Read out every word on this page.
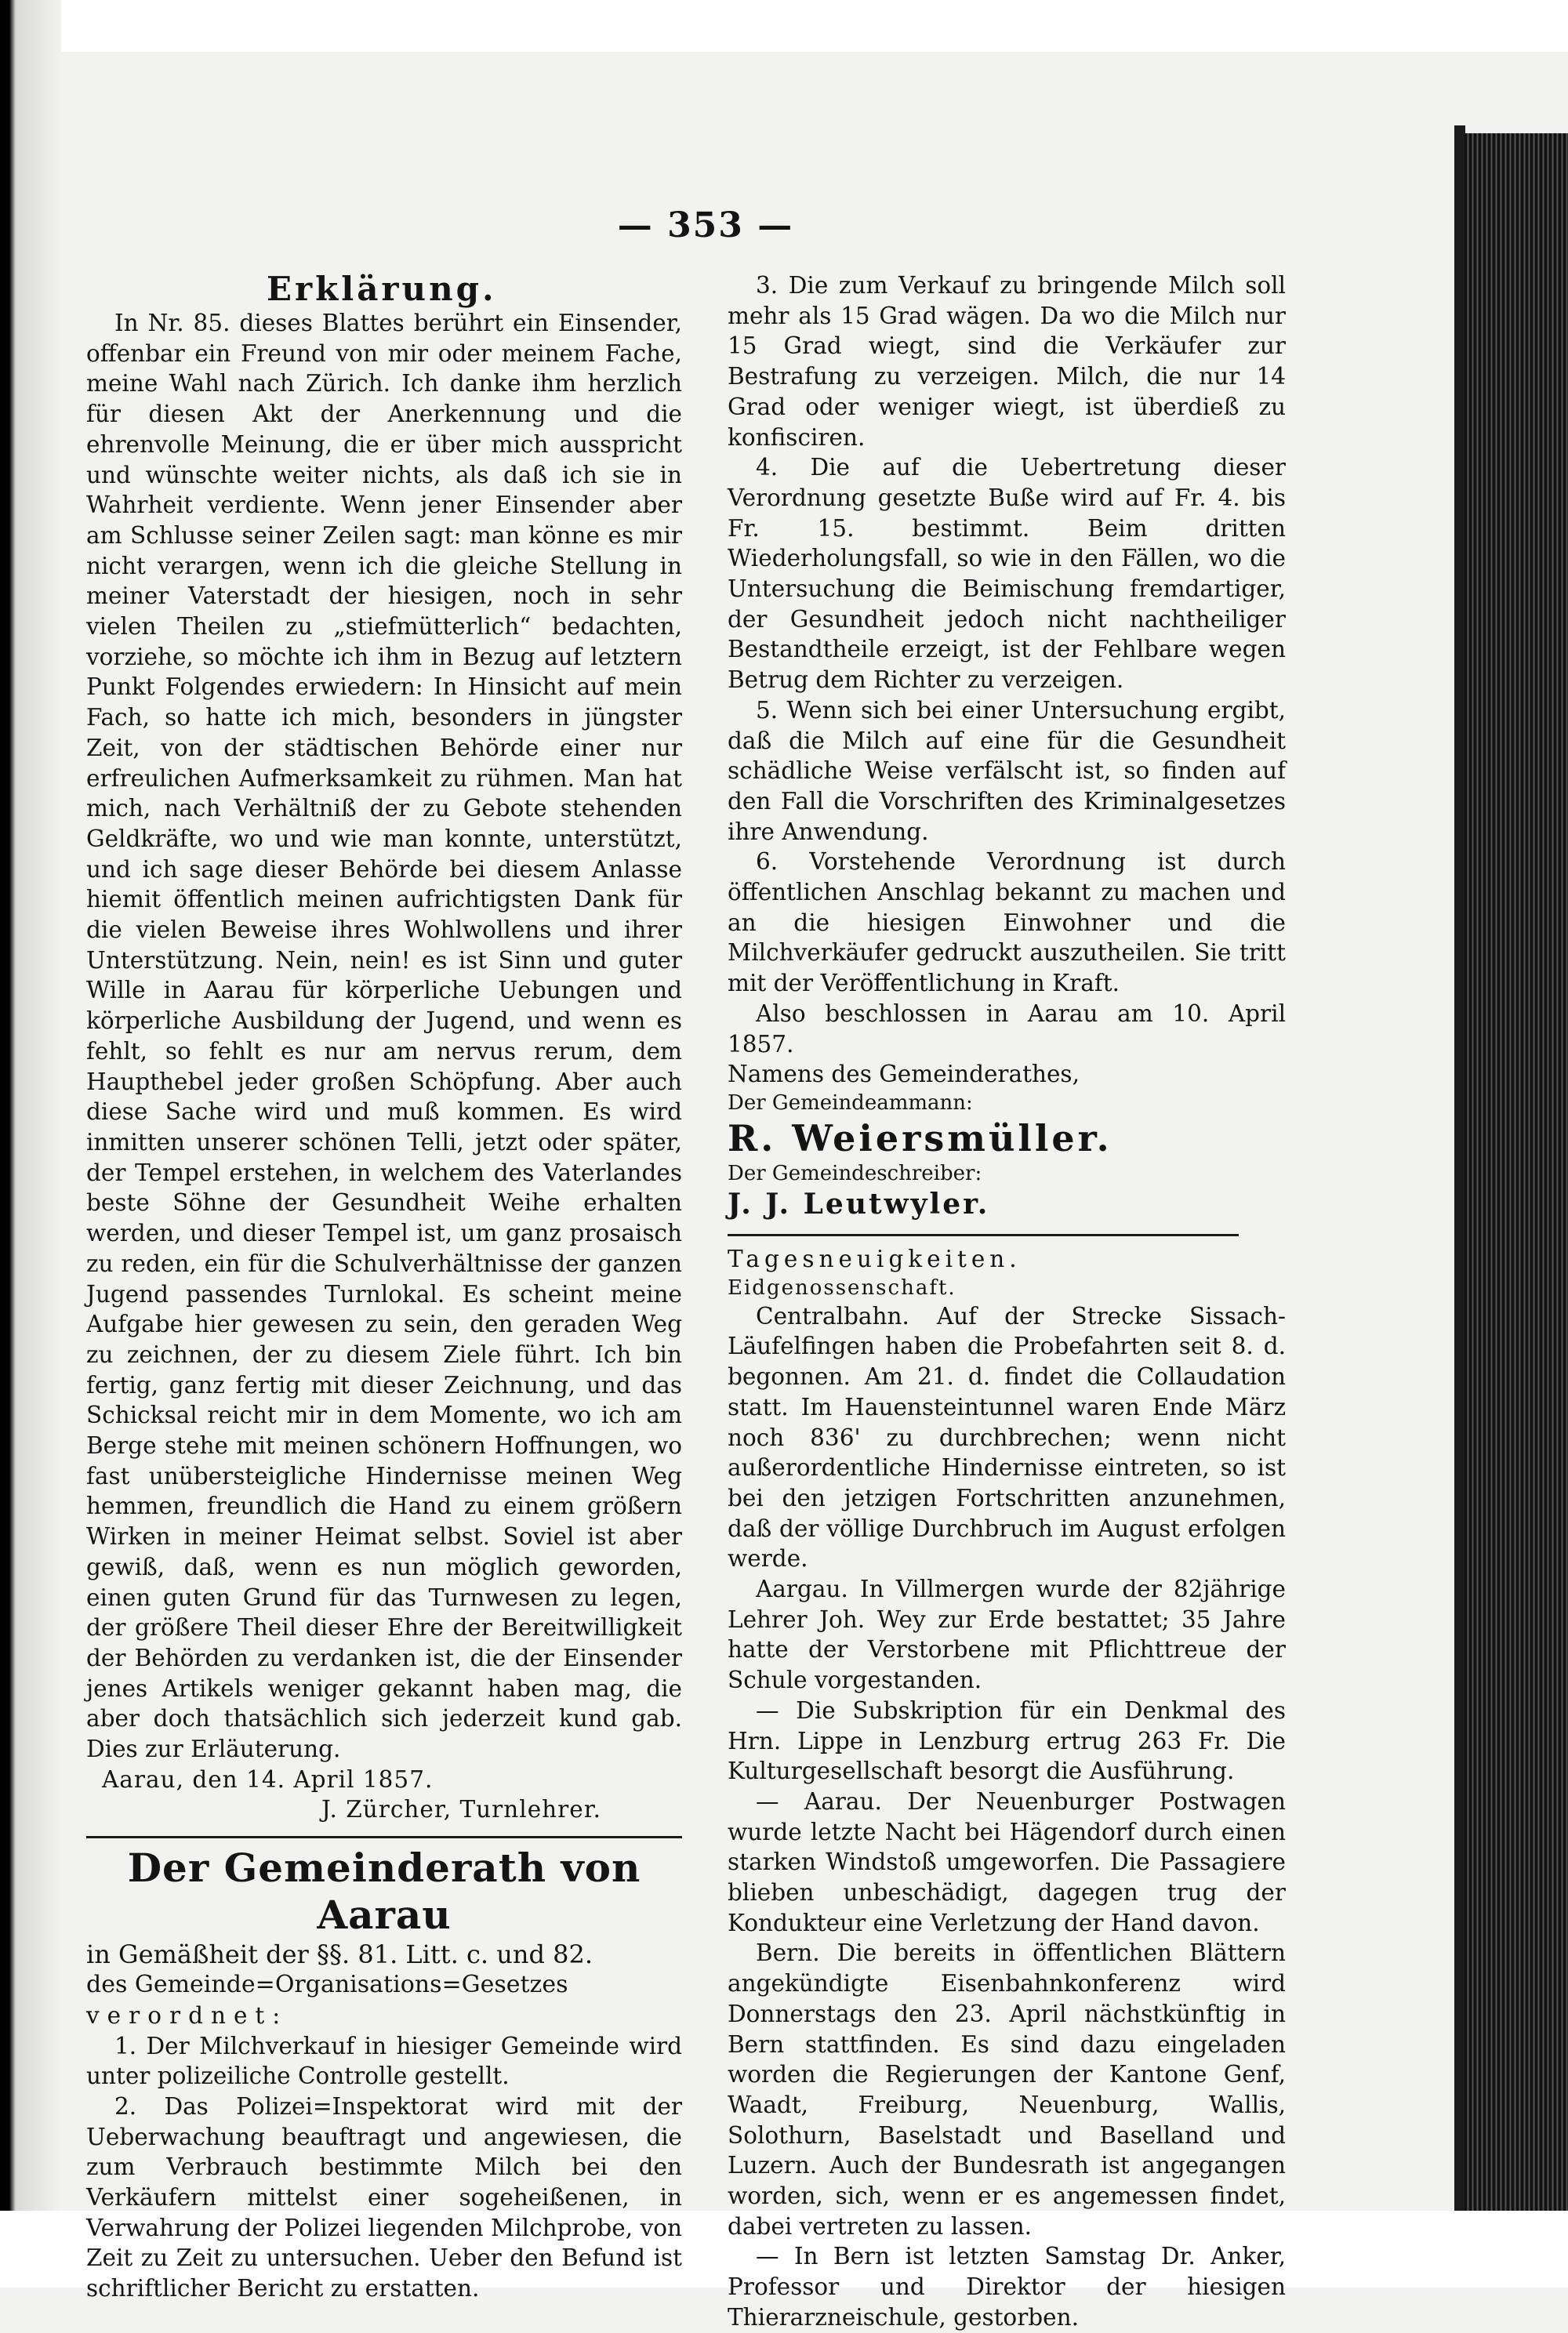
— 353 —
Erklärung.

In Nr. 85. dieses Blattes berührt ein Einsender, offenbar ein Freund von mir oder meinem Fache, meine Wahl nach Zürich. Ich danke ihm herzlich für diesen Akt der Anerkennung und die ehrenvolle Meinung, die er über mich ausspricht und wünschte weiter nichts, als daß ich sie in Wahrheit verdiente. Wenn jener Einsender aber am Schlusse seiner Zeilen sagt: man könne es mir nicht verargen, wenn ich die gleiche Stellung in meiner Vaterstadt der hiesigen, noch in sehr vielen Theilen zu „stiefmütterlich“ bedachten, vorziehe, so möchte ich ihm in Bezug auf letztern Punkt Folgendes erwiedern: In Hinsicht auf mein Fach, so hatte ich mich, besonders in jüngster Zeit, von der städtischen Behörde einer nur erfreulichen Aufmerksamkeit zu rühmen. Man hat mich, nach Verhältniß der zu Gebote stehenden Geldkräfte, wo und wie man konnte, unterstützt, und ich sage dieser Behörde bei diesem Anlasse hiemit öffentlich meinen aufrichtigsten Dank für die vielen Beweise ihres Wohlwollens und ihrer Unterstützung. Nein, nein! es ist Sinn und guter Wille in Aarau für körperliche Uebungen und körperliche Ausbildung der Jugend, und wenn es fehlt, so fehlt es nur am nervus rerum, dem Haupthebel jeder großen Schöpfung. Aber auch diese Sache wird und muß kommen. Es wird inmitten unserer schönen Telli, jetzt oder später, der Tempel erstehen, in welchem des Vaterlandes beste Söhne der Gesundheit Weihe erhalten werden, und dieser Tempel ist, um ganz prosaisch zu reden, ein für die Schulverhältnisse der ganzen Jugend passendes Turnlokal. Es scheint meine Aufgabe hier gewesen zu sein, den geraden Weg zu zeichnen, der zu diesem Ziele führt. Ich bin fertig, ganz fertig mit dieser Zeichnung, und das Schicksal reicht mir in dem Momente, wo ich am Berge stehe mit meinen schönern Hoffnungen, wo fast unübersteigliche Hindernisse meinen Weg hemmen, freundlich die Hand zu einem größern Wirken in meiner Heimat selbst. Soviel ist aber gewiß, daß, wenn es nun möglich geworden, einen guten Grund für das Turnwesen zu legen, der größere Theil dieser Ehre der Bereitwilligkeit der Behörden zu verdanken ist, die der Einsender jenes Artikels weniger gekannt haben mag, die aber doch thatsächlich sich jederzeit kund gab. Dies zur Erläuterung.

Aarau, den 14. April 1857.

J. Zürcher, Turnlehrer.

Der Gemeinderath von Aarau

in Gemäßheit der §§. 81. Litt. c. und 82.

des Gemeinde=Organisations=Gesetzes

verordnet:

1. Der Milchverkauf in hiesiger Gemeinde wird unter polizeiliche Controlle gestellt.

2. Das Polizei=Inspektorat wird mit der Ueberwachung beauftragt und angewiesen, die zum Verbrauch bestimmte Milch bei den Verkäufern mittelst einer sogeheißenen, in Verwahrung der Polizei liegenden Milchprobe, von Zeit zu Zeit zu untersuchen. Ueber den Befund ist schriftlicher Bericht zu erstatten.

3. Die zum Verkauf zu bringende Milch soll mehr als 15 Grad wägen. Da wo die Milch nur 15 Grad wiegt, sind die Verkäufer zur Bestrafung zu verzeigen. Milch, die nur 14 Grad oder weniger wiegt, ist überdieß zu konfisciren.

4. Die auf die Uebertretung dieser Verordnung gesetzte Buße wird auf Fr. 4. bis Fr. 15. bestimmt. Beim dritten Wiederholungsfall, so wie in den Fällen, wo die Untersuchung die Beimischung fremdartiger, der Gesundheit jedoch nicht nachtheiliger Bestandtheile erzeigt, ist der Fehlbare wegen Betrug dem Richter zu verzeigen.

5. Wenn sich bei einer Untersuchung ergibt, daß die Milch auf eine für die Gesundheit schädliche Weise verfälscht ist, so finden auf den Fall die Vorschriften des Kriminalgesetzes ihre Anwendung.

6. Vorstehende Verordnung ist durch öffentlichen Anschlag bekannt zu machen und an die hiesigen Einwohner und die Milchverkäufer gedruckt auszutheilen. Sie tritt mit der Veröffentlichung in Kraft.

Also beschlossen in Aarau am 10. April 1857.

Namens des Gemeinderathes,

Der Gemeindeammann:

R. Weiersmüller.

Der Gemeindeschreiber:

J. J. Leutwyler.

Tagesneuigkeiten.

Eidgenossenschaft.

Centralbahn. Auf der Strecke Sissach-Läufelfingen haben die Probefahrten seit 8. d. begonnen. Am 21. d. findet die Collaudation statt. Im Hauensteintunnel waren Ende März noch 836' zu durchbrechen; wenn nicht außerordentliche Hindernisse eintreten, so ist bei den jetzigen Fortschritten anzunehmen, daß der völlige Durchbruch im August erfolgen werde.

Aargau. In Villmergen wurde der 82jährige Lehrer Joh. Wey zur Erde bestattet; 35 Jahre hatte der Verstorbene mit Pflichttreue der Schule vorgestanden.

— Die Subskription für ein Denkmal des Hrn. Lippe in Lenzburg ertrug 263 Fr. Die Kulturgesellschaft besorgt die Ausführung.

— Aarau. Der Neuenburger Postwagen wurde letzte Nacht bei Hägendorf durch einen starken Windstoß umgeworfen. Die Passagiere blieben unbeschädigt, dagegen trug der Kondukteur eine Verletzung der Hand davon.

Bern. Die bereits in öffentlichen Blättern angekündigte Eisenbahnkonferenz wird Donnerstags den 23. April nächstkünftig in Bern stattfinden. Es sind dazu eingeladen worden die Regierungen der Kantone Genf, Waadt, Freiburg, Neuenburg, Wallis, Solothurn, Baselstadt und Baselland und Luzern. Auch der Bundesrath ist angegangen worden, sich, wenn er es angemessen findet, dabei vertreten zu lassen.

— In Bern ist letzten Samstag Dr. Anker, Professor und Direktor der hiesigen Thierarzneischule, gestorben.
